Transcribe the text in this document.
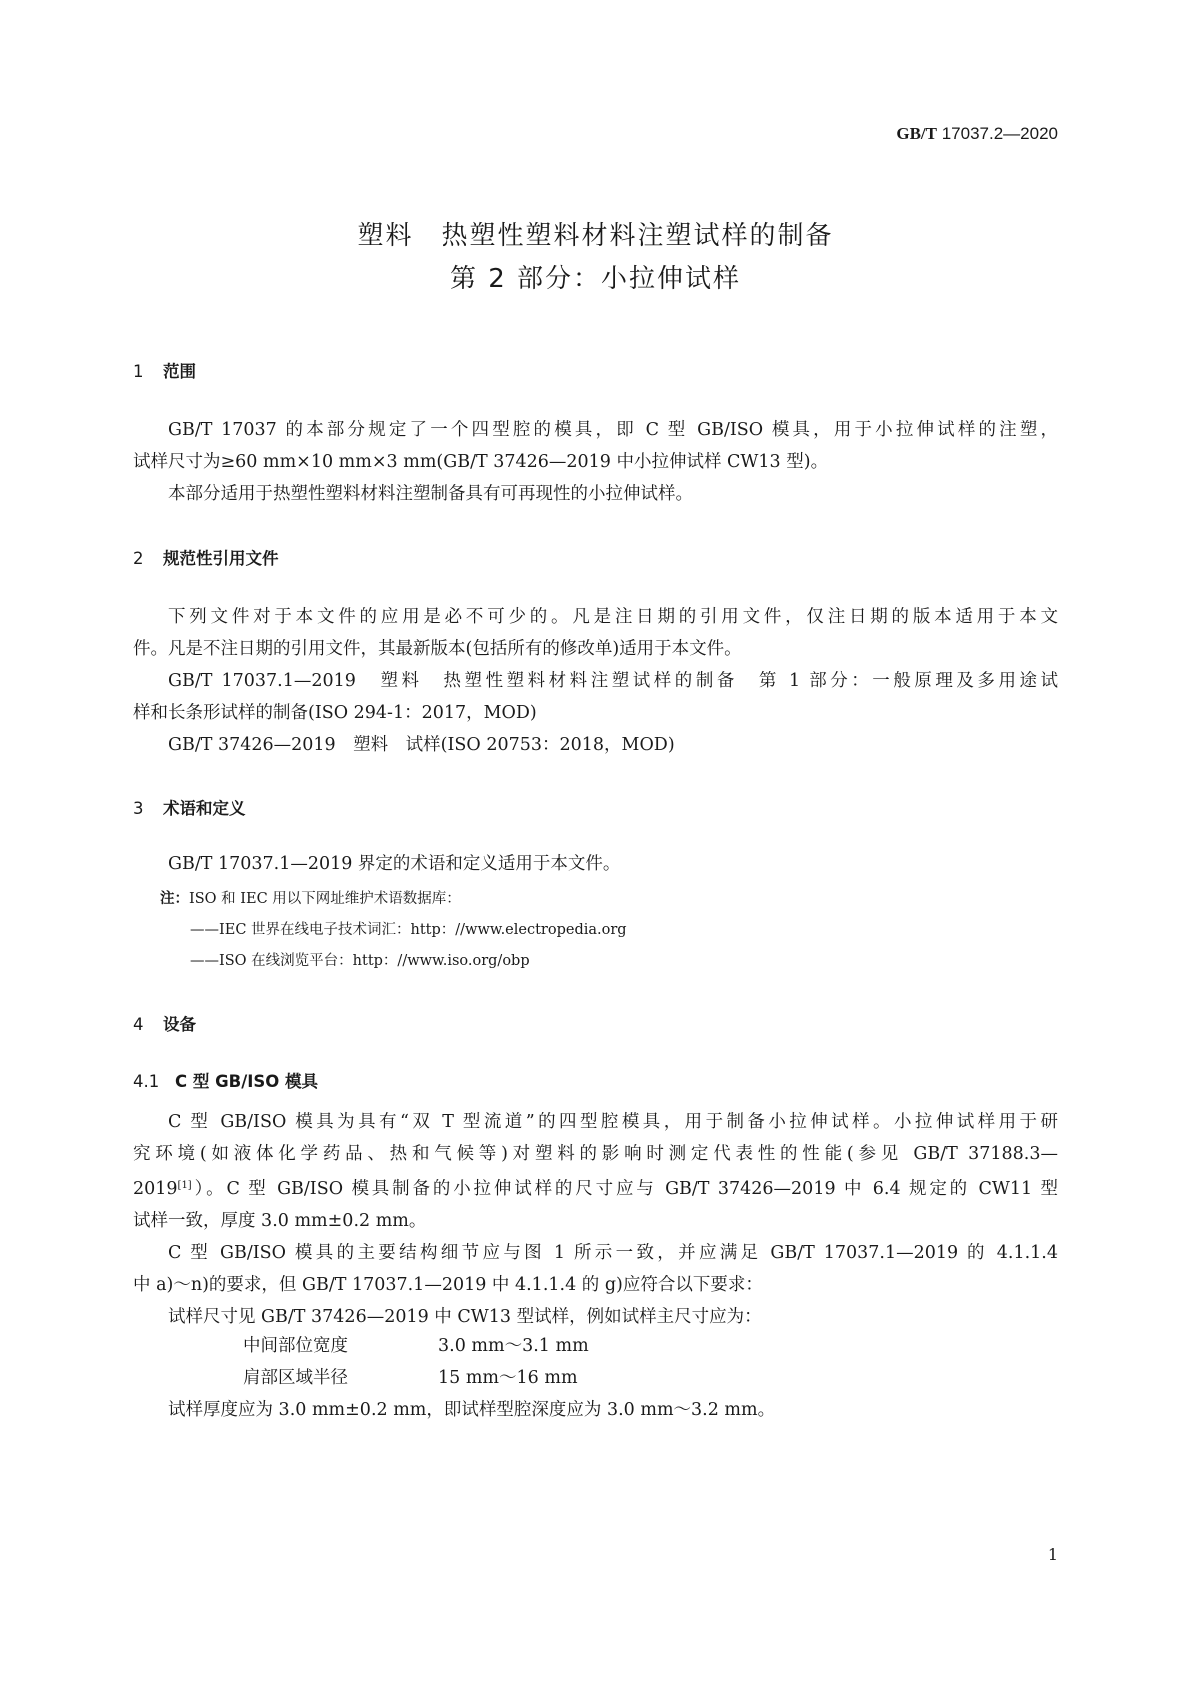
GB/T 17037.2—2020
塑料　热塑性塑料材料注塑试样的制备
第 2 部分：小拉伸试样
1 范围
GB/T 17037 的本部分规定了一个四型腔的模具，即 C 型 GB/ISO 模具，用于小拉伸试样的注塑，
试样尺寸为≥60 mm×10 mm×3 mm(GB/T 37426—2019 中小拉伸试样 CW13 型)。
本部分适用于热塑性塑料材料注塑制备具有可再现性的小拉伸试样。
2 规范性引用文件
下列文件对于本文件的应用是必不可少的。凡是注日期的引用文件，仅注日期的版本适用于本文
件。凡是不注日期的引用文件，其最新版本(包括所有的修改单)适用于本文件。
GB/T 17037.1—2019　塑料　热塑性塑料材料注塑试样的制备　第 1 部分：一般原理及多用途试
样和长条形试样的制备(ISO 294-1：2017，MOD)
GB/T 37426—2019　塑料　试样(ISO 20753：2018，MOD)
3 术语和定义
GB/T 17037.1—2019 界定的术语和定义适用于本文件。
注：ISO 和 IEC 用以下网址维护术语数据库：
——IEC 世界在线电子技术词汇：http：//www.electropedia.org
——ISO 在线浏览平台：http：//www.iso.org/obp
4 设备
4.1 C 型 GB/ISO 模具
C 型 GB/ISO 模具为具有“双 T 型流道”的四型腔模具，用于制备小拉伸试样。小拉伸试样用于研
究环境(如液体化学药品、热和气候等)对塑料的影响时测定代表性的性能(参见 GB/T 37188.3—
2019[1]）。C 型 GB/ISO 模具制备的小拉伸试样的尺寸应与 GB/T 37426—2019 中 6.4 规定的 CW11 型
试样一致，厚度 3.0 mm±0.2 mm。
C 型 GB/ISO 模具的主要结构细节应与图 1 所示一致，并应满足 GB/T 17037.1—2019 的 4.1.1.4
中 a)～n)的要求，但 GB/T 17037.1—2019 中 4.1.1.4 的 g)应符合以下要求：
试样尺寸见 GB/T 37426—2019 中 CW13 型试样，例如试样主尺寸应为：
中间部位宽度	3.0 mm～3.1 mm
肩部区域半径	15 mm～16 mm
试样厚度应为 3.0 mm±0.2 mm，即试样型腔深度应为 3.0 mm～3.2 mm。
1
